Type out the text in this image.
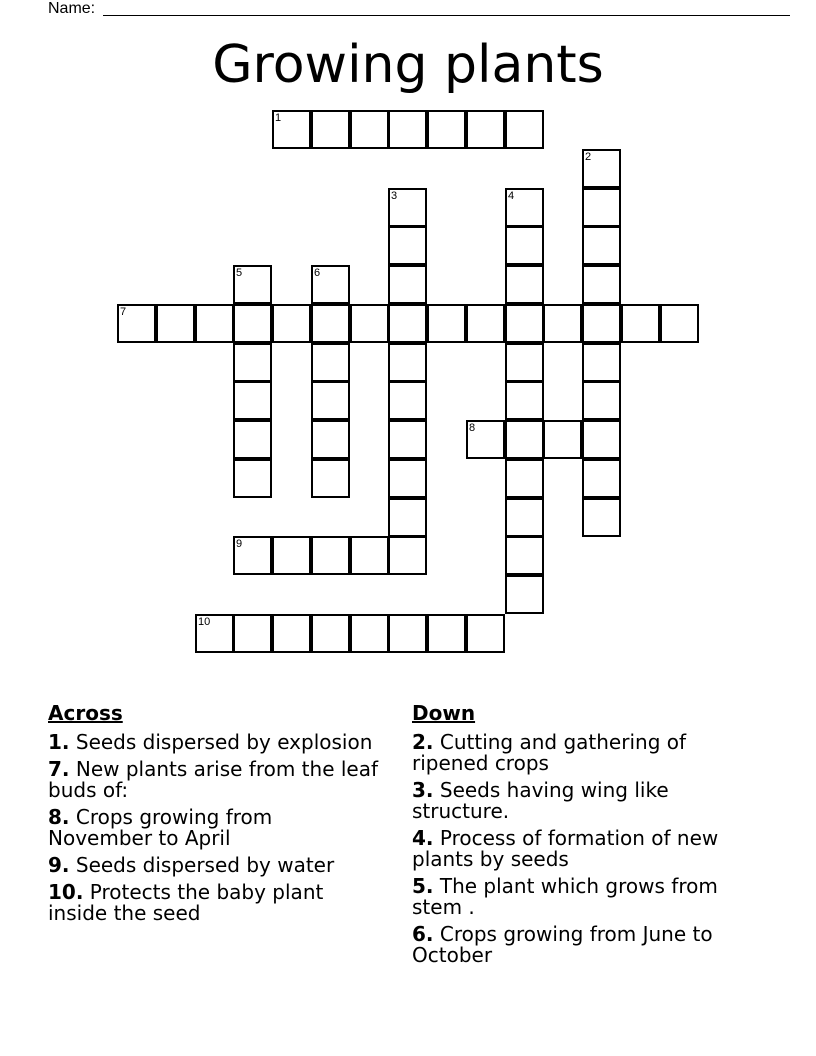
Name:
Growing plants
1
2
3	4
5	6
7
8
9
10
Across
1. Seeds dispersed by explosion
7. New plants arise from the leaf buds of:
8. Crops growing from November to April
9. Seeds dispersed by water
10. Protects the baby plant inside the seed
Down
2. Cutting and gathering of ripened crops
3. Seeds having wing like structure.
4. Process of formation of new plants by seeds
5. The plant which grows from stem .
6. Crops growing from June to October
